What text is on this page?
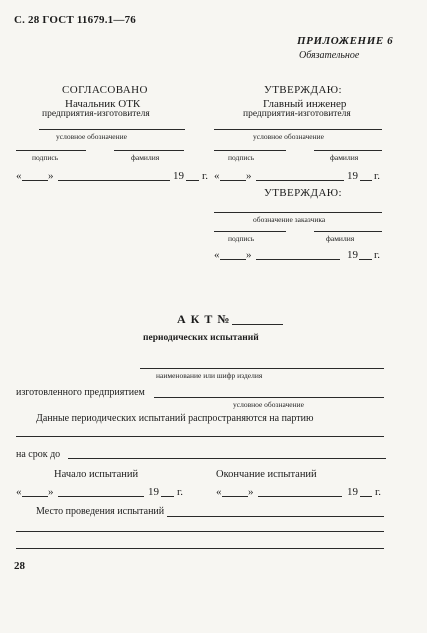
С. 28 ГОСТ 11679.1—76
ПРИЛОЖЕНИЕ 6
Обязательное
СОГЛАСОВАНО
Начальник ОТК
предприятия-изготовителя
условное обозначение
подпись	фамилия
« »	19 г.
УТВЕРЖДАЮ:
Главный инженер
предприятия-изготовителя
условное обозначение
подпись	фамилия
« »	19 г.
УТВЕРЖДАЮ:
обозначение заказчика
подпись	фамилия
« »	19 г.
А К Т №
периодических испытаний
наименование или шифр изделия
изготовленного предприятием
условное обозначение
Данные периодических испытаний распространяются на партию
на срок до
Начало испытаний	Окончание испытаний
« »	19 г.	« »	19 г.
Место проведения испытаний
28
